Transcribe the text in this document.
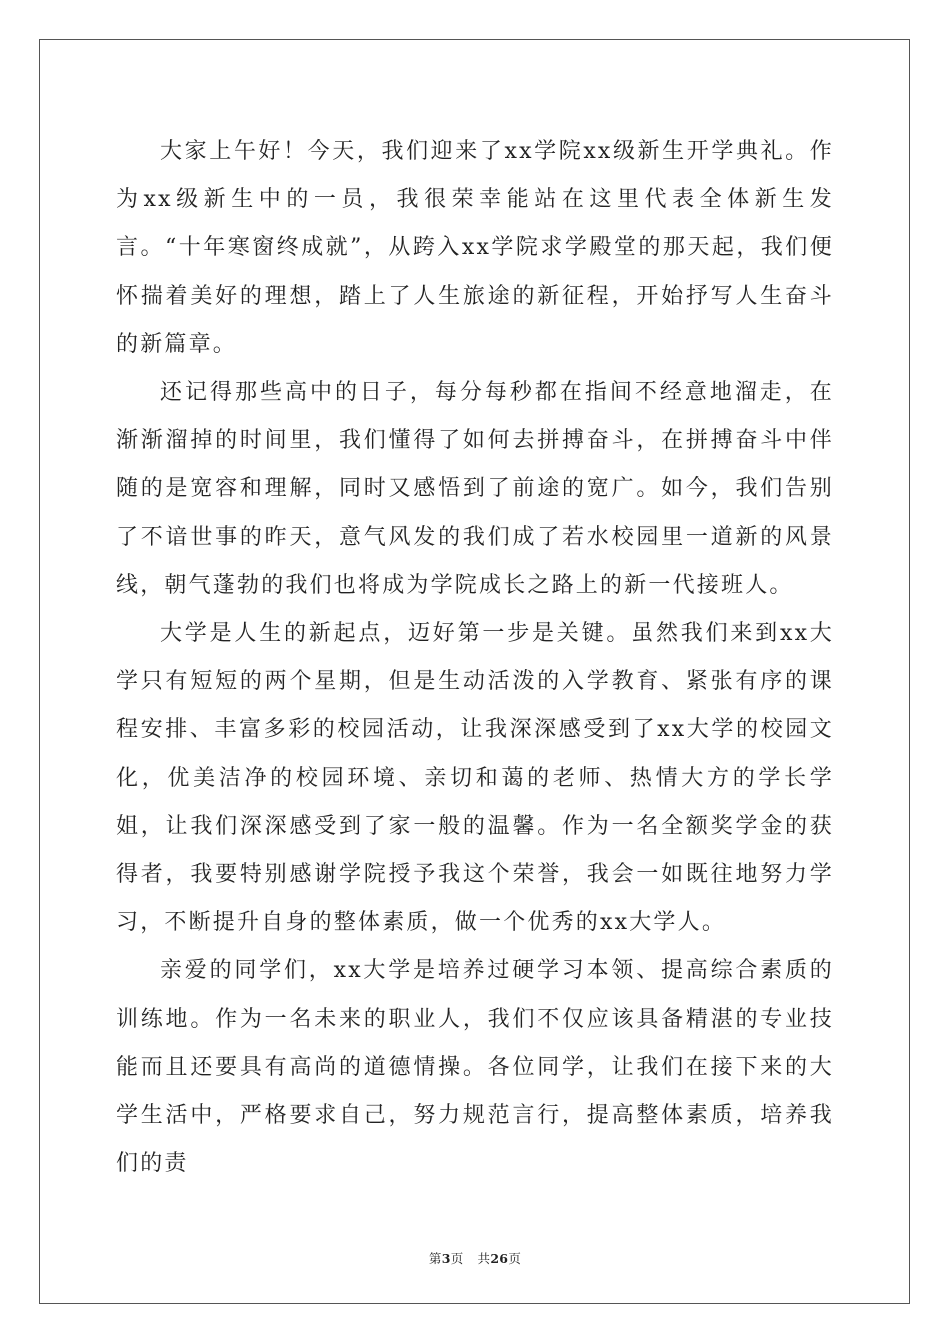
大家上午好！今天，我们迎来了xx学院xx级新生开学典礼。作为xx级新生中的一员，我很荣幸能站在这里代表全体新生发言。“十年寒窗终成就”，从跨入xx学院求学殿堂的那天起，我们便怀揣着美好的理想，踏上了人生旅途的新征程，开始抒写人生奋斗的新篇章。

还记得那些高中的日子，每分每秒都在指间不经意地溜走，在渐渐溜掉的时间里，我们懂得了如何去拼搏奋斗，在拼搏奋斗中伴随的是宽容和理解，同时又感悟到了前途的宽广。如今，我们告别了不谙世事的昨天，意气风发的我们成了若水校园里一道新的风景线，朝气蓬勃的我们也将成为学院成长之路上的新一代接班人。

大学是人生的新起点，迈好第一步是关键。虽然我们来到xx大学只有短短的两个星期，但是生动活泼的入学教育、紧张有序的课程安排、丰富多彩的校园活动，让我深深感受到了xx大学的校园文化，优美洁净的校园环境、亲切和蔼的老师、热情大方的学长学姐，让我们深深感受到了家一般的温馨。作为一名全额奖学金的获得者，我要特别感谢学院授予我这个荣誉，我会一如既往地努力学习，不断提升自身的整体素质，做一个优秀的xx大学人。

亲爱的同学们，xx大学是培养过硬学习本领、提高综合素质的训练地。作为一名未来的职业人，我们不仅应该具备精湛的专业技能而且还要具有高尚的道德情操。各位同学，让我们在接下来的大学生活中，严格要求自己，努力规范言行，提高整体素质，培养我们的责

第3页 共26页
